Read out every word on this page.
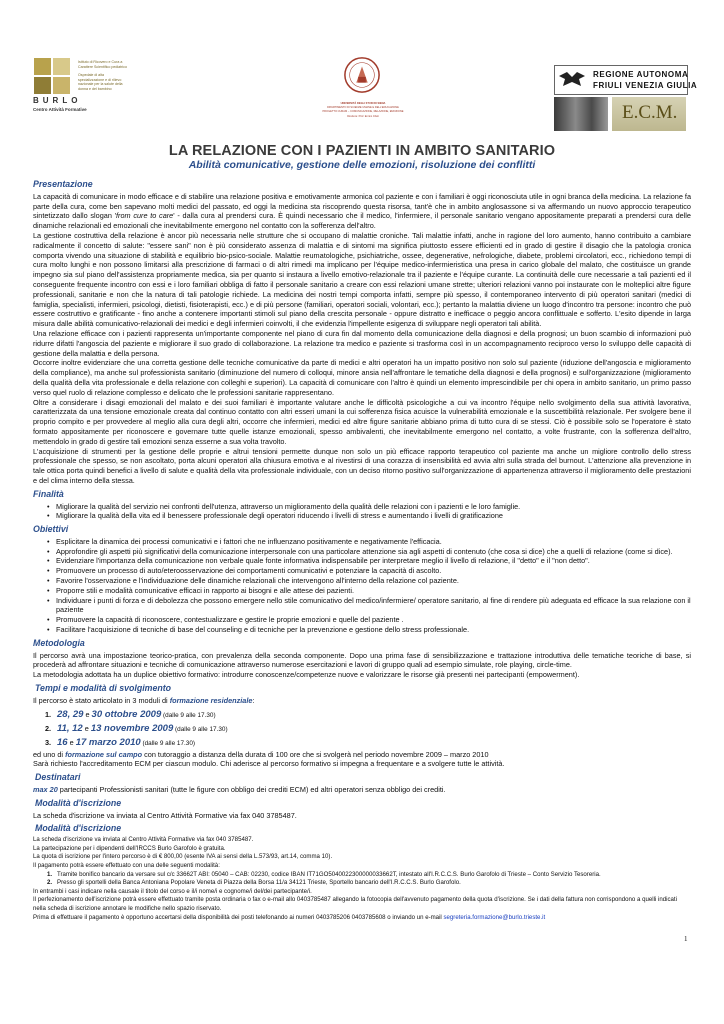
Istituto di Ricovero e Cura a
Carattere Scientifico pediatrico
Ospedale di alta
specializzazione e di rilievo
nazionale per la salute della
donna e del bambino
BURLO
Centro Attività Formative
UNIVERSITÀ DEGLI STUDI DI SIENA
DIPARTIMENTO DI SCIENZE UMANE E DELL'EDUCAZIONE
PROGETTO CURAM – COMUNICAZIONE, RELAZIONE, EMOZIONE
Direttore: Prof. Enrico Cheli
REGIONE AUTONOMA
FRIULI VENEZIA GIULIA
E.C.M.
LA RELAZIONE CON I PAZIENTI IN AMBITO SANITARIO
Abilità comunicative, gestione delle emozioni, risoluzione dei conflitti
Presentazione
La capacità di comunicare in modo efficace e di stabilire una relazione positiva e emotivamente armonica col paziente e con i familiari è oggi riconosciuta utile in ogni branca della medicina. La relazione fa parte della cura, come ben sapevano molti medici del passato, ed oggi la medicina sta riscoprendo questa risorsa, tant'è che in ambito anglosassone si va affermando un nuovo approccio terapeutico sintetizzato dallo slogan 'from cure to care' - dalla cura al prendersi cura. È quindi necessario che il medico, l'infermiere, il personale sanitario vengano appositamente preparati a prendersi cura delle dinamiche relazionali ed emozionali che inevitabilmente emergono nel contatto con la sofferenza dell'altro.
La gestione costruttiva della relazione è ancor più necessaria nelle strutture che si occupano di malattie croniche. Tali malattie infatti, anche in ragione del loro aumento, hanno contribuito a cambiare radicalmente il concetto di salute: "essere sani" non è più considerato assenza di malattia e di sintomi ma significa piuttosto essere efficienti ed in grado di gestire il disagio che la patologia cronica comporta vivendo una situazione di stabilità e equilibrio bio-psico-sociale. Malattie reumatologiche, psichiatriche, ossee, degenerative, nefrologiche, diabete, problemi circolatori, ecc., richiedono tempi di cura molto lunghi e non possono limitarsi alla prescrizione di farmaci o di altri rimedi ma implicano per l'équipe medico-infermieristica una presa in carico globale del malato, che costituisce un grande impegno sia sul piano dell'assistenza propriamente medica, sia per quanto si instaura a livello emotivo-relazionale tra il paziente e l'équipe curante. La continuità delle cure necessarie a tali pazienti ed il conseguente frequente incontro con essi e i loro familiari obbliga di fatto il personale sanitario a creare con essi relazioni umane strette; ulteriori relazioni vanno poi instaurate con le molteplici altre figure professionali, sanitarie e non che la natura di tali patologie richiede. La medicina dei nostri tempi comporta infatti, sempre più spesso, il contemporaneo intervento di più operatori sanitari (medici di famiglia, specialisti, infermieri, psicologi, dietisti, fisioterapisti, ecc.) e di più persone (familiari, operatori sociali, volontari, ecc.); pertanto la malattia diviene un luogo d'incontro tra persone: incontro che può essere costruttivo e gratificante - fino anche a contenere importanti stimoli sul piano della crescita personale - oppure distratto e inefficace o peggio ancora conflittuale e sofferto. L'esito dipende in larga misura dalle abilità comunicativo-relazionali dei medici e degli infermieri coinvolti, il che evidenzia l'impellente esigenza di sviluppare negli operatori tali abilità.
Una relazione efficace con i pazienti rappresenta un'importante componente nel piano di cura fin dal momento della comunicazione della diagnosi e della prognosi; un buon scambio di informazioni può ridurre difatti l'angoscia del paziente e migliorare il suo grado di collaborazione. La relazione tra medico e paziente si trasforma così in un accompagnamento reciproco verso lo sviluppo delle capacità di gestione della malattia e della persona.
Occorre inoltre evidenziare che una corretta gestione delle tecniche comunicative da parte di medici e altri operatori ha un impatto positivo non solo sul paziente (riduzione dell'angoscia e miglioramento della compliance), ma anche sul professionista sanitario (diminuzione del numero di colloqui, minore ansia nell'affrontare le tematiche della diagnosi e della prognosi) e sull'organizzazione (miglioramento della qualità della vita professionale e della relazione con colleghi e superiori). La capacità di comunicare con l'altro è quindi un elemento imprescindibile per chi opera in ambito sanitario, un primo passo verso quel ruolo di relazione complesso e delicato che le professioni sanitarie rappresentano.
Oltre a considerare i disagi emozionali del malato e dei suoi familiari è importante valutare anche le difficoltà psicologiche a cui va incontro l'équipe nello svolgimento della sua attività lavorativa, caratterizzata da una tensione emozionale creata dal continuo contatto con altri esseri umani la cui sofferenza fisica acuisce la vulnerabilità emozionale e la suscettibilità relazionale. Per svolgere bene il proprio compito e per provvedere al meglio alla cura degli altri, occorre che infermieri, medici ed altre figure sanitarie abbiano prima di tutto cura di se stessi. Ciò è possibile solo se l'operatore è stato formato appositamente per riconoscere e governare tutte quelle istanze emozionali, spesso ambivalenti, che inevitabilmente emergono nel contatto, a volte frustrante, con la sofferenza dell'altro, mettendolo in grado di gestire tali emozioni senza esserne a sua volta travolto.
L'acquisizione di strumenti per la gestione delle proprie e altrui tensioni permette dunque non solo un più efficace rapporto terapeutico col paziente ma anche un migliore controllo dello stress professionale che spesso, se non ascoltato, porta alcuni operatori alla chiusura emotiva e al rivestirsi di una corazza di insensibilità ed avvia altri sulla strada del burnout. L'attenzione alla prevenzione in tale ottica porta quindi benefici a livello di salute e qualità della vita professionale individuale, con un deciso ritorno positivo sull'organizzazione di appartenenza attraverso il miglioramento delle prestazioni e del clima interno della stessa.
Finalità
• Migliorare la qualità del servizio nei confronti dell'utenza, attraverso un miglioramento della qualità delle relazioni con i pazienti e le loro famiglie.
• Migliorare la qualità della vita ed il benessere professionale degli operatori riducendo i livelli di stress e aumentando i livelli di gratificazione
Obiettivi
• Esplicitare la dinamica dei processi comunicativi e i fattori che ne influenzano positivamente e negativamente l'efficacia.
• Approfondire gli aspetti più significativi della comunicazione interpersonale con una particolare attenzione sia agli aspetti di contenuto (che cosa si dice) che a quelli di relazione (come si dice).
• Evidenziare l'importanza della comunicazione non verbale quale fonte informativa indispensabile per interpretare meglio il livello di relazione, il "detto" e il "non detto".
• Promuovere un processo di auto/eteroosservazione dei comportamenti comunicativi e potenziare la capacità di ascolto.
• Favorire l'osservazione e l'individuazione delle dinamiche relazionali che intervengono all'interno della relazione col paziente.
• Proporre stili e modalità comunicative efficaci in rapporto ai bisogni e alle attese dei pazienti.
• Individuare i punti di forza e di debolezza che possono emergere nello stile comunicativo del medico/infermiere/ operatore sanitario, al fine di rendere più adeguata ed efficace la sua relazione con il paziente
• Promuovere la capacità di riconoscere, contestualizzare e gestire le proprie emozioni e quelle del paziente .
• Facilitare l'acquisizione di tecniche di base del counseling e di tecniche per la prevenzione e gestione dello stress professionale.
Metodologia
Il percorso avrà una impostazione teorico-pratica, con prevalenza della seconda componente. Dopo una prima fase di sensibilizzazione e trattazione introduttiva delle tematiche teoriche di base, si procederà ad affrontare situazioni e tecniche di comunicazione attraverso numerose esercitazioni e lavori di gruppo quali ad esempio simulate, role playing, circle-time.
La metodologia adottata ha un duplice obiettivo formativo: introdurre conoscenze/competenze nuove e valorizzare le risorse già presenti nei partecipanti (empowerment).
Tempi e modalità di svolgimento
Il percorso è stato articolato in 3 moduli di formazione residenziale:
1. 28, 29 e 30 ottobre 2009 (dalle 9 alle 17.30)
2. 11, 12 e 13 novembre 2009 (dalle 9 alle 17.30)
3. 16 e 17 marzo 2010 (dalle 9 alle 17.30)
ed uno di formazione sul campo con tutoraggio a distanza della durata di 100 ore che si svolgerà nel periodo novembre 2009 – marzo 2010
Sarà richiesto l'accreditamento ECM per ciascun modulo. Chi aderisce al percorso formativo si impegna a frequentare e a svolgere tutte le attività.
Destinatari
max 20 partecipanti Professionisti sanitari (tutte le figure con obbligo dei crediti ECM) ed altri operatori senza obbligo dei crediti.
Modalità d'iscrizione
La scheda d'iscrizione va inviata al Centro Attività Formative via fax 040 3785487.
Modalità d'iscrizione
La scheda d'iscrizione va inviata al Centro Attività Formative via fax 040 3785487.
La partecipazione per i dipendenti dell'IRCCS Burlo Garofolo è gratuita.
La quota di iscrizione per l'intero percorso è di € 800,00 (esente IVA ai sensi della L.573/93, art.14, comma 10).
Il pagamento potrà essere effettuato con una delle seguenti modalità:
1. Tramite bonifico bancario da versare sul c/c 33662T ABI: 05040 – CAB: 02230, codice IBAN IT71GO5040022300000033662T, intestato all'I.R.C.C.S. Burlo Garofolo di Trieste – Conto Servizio Tesoreria.
2. Presso gli sportelli della Banca Antoniana Popolare Veneta di Piazza della Borsa 11/a 34121 Trieste, Sportello bancario dell'I.R.C.C.S. Burlo Garofolo.
In entrambi i casi indicare nella causale il titolo del corso e il/i nome/i e cognome/i del/dei partecipante/i.
Il perfezionamento dell'iscrizione potrà essere effettuato tramite posta ordinaria o fax o e-mail allo 0403785487 allegando la fotocopia dell'avvenuto pagamento della quota d'iscrizione. Se i dati della fattura non corrispondono a quelli indicati nella scheda di iscrizione annotare le modifiche nello spazio riservato.
Prima di effettuare il pagamento è opportuno accertarsi della disponibilità dei posti telefonando ai numeri 0403785206 0403785608 o inviando un e-mail segreteria.formazione@burlo.trieste.it
1
